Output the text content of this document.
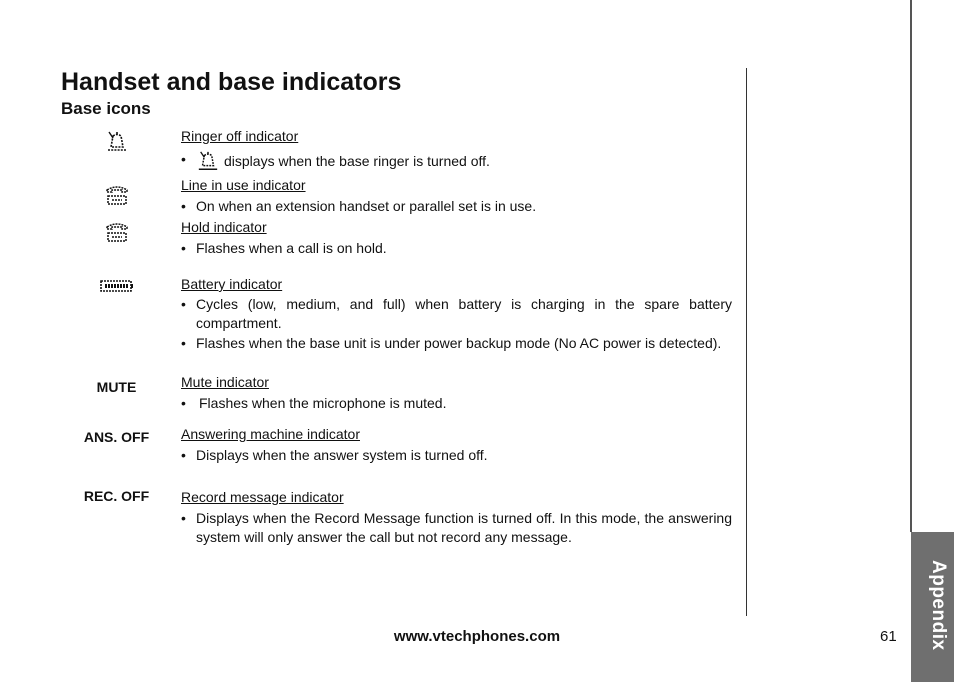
Handset and base indicators
Base icons
Ringer off indicator
•	displays when the base ringer is turned off.
Line in use indicator
• On when an extension handset or parallel set is in use.
Hold indicator
• Flashes when a call is on hold.
Battery indicator
• Cycles (low, medium, and full) when battery is charging in the spare battery compartment.
• Flashes when the base unit is under power backup mode (No AC power is detected).
MUTE	Mute indicator
• Flashes when the microphone is muted.
ANS. OFF	Answering machine indicator
• Displays when the answer system is turned off.
REC. OFF	Record message indicator
• Displays when the Record Message function is turned off. In this mode, the answering system will only answer the call but not record any message.
www.vtechphones.com	61 Appendix
